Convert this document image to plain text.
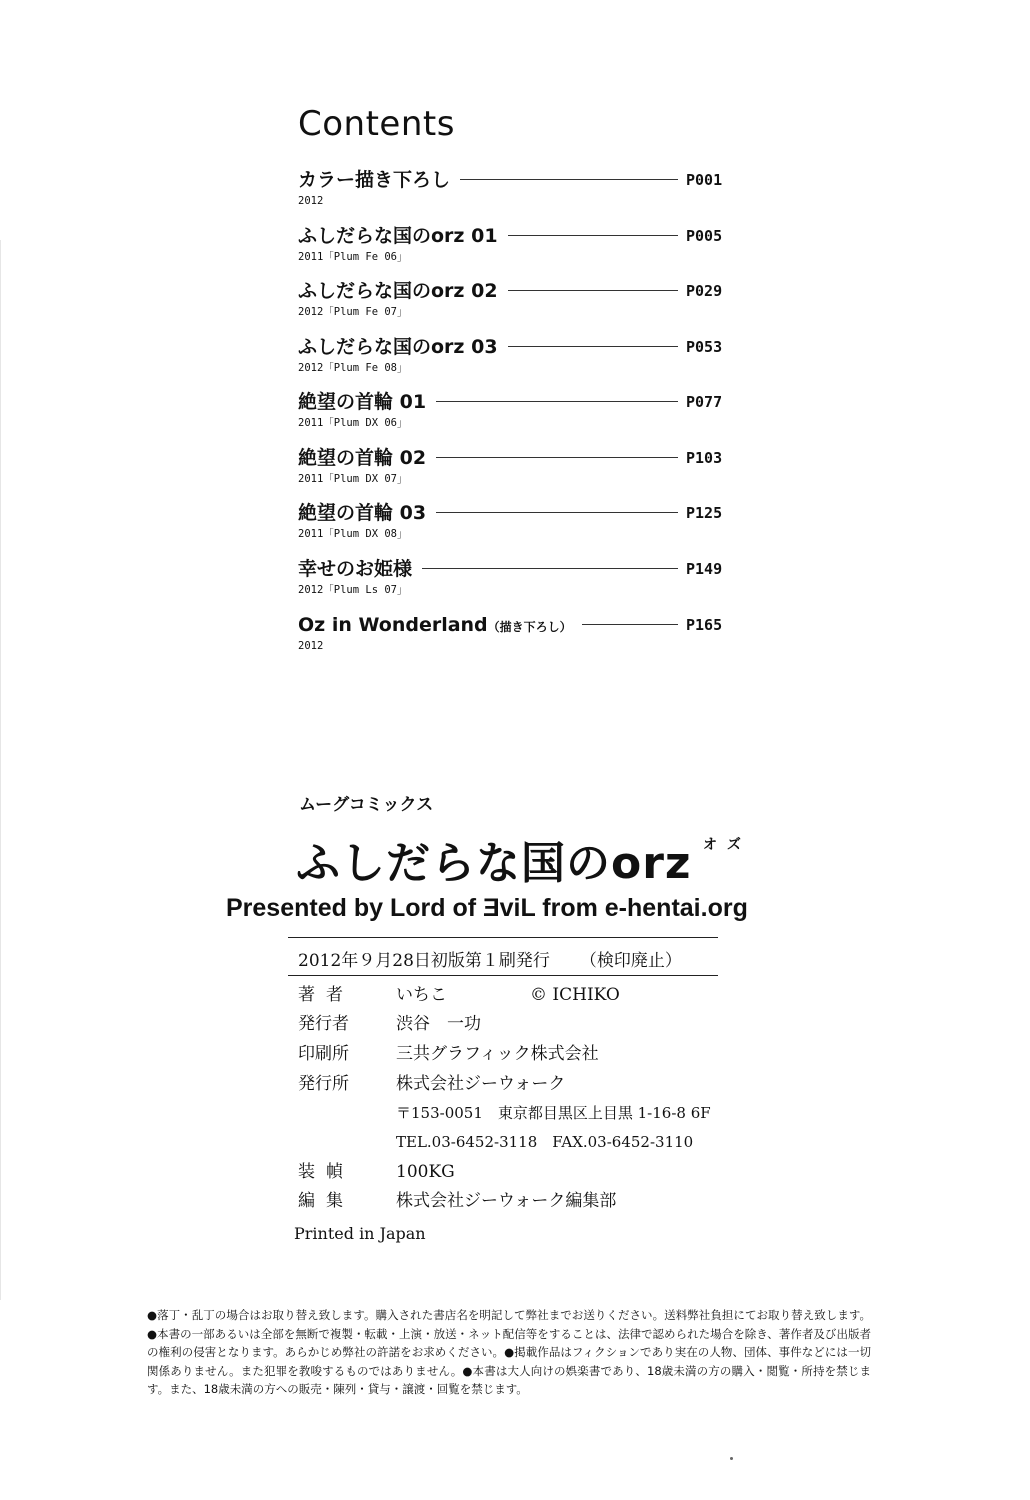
Contents
カラー描き下ろし	P001
2012
ふしだらな国のorz 01	P005
2011「Plum Fe 06」
ふしだらな国のorz 02	P029
2012「Plum Fe 07」
ふしだらな国のorz 03	P053
2012「Plum Fe 08」
絶望の首輪 01	P077
2011「Plum DX 06」
絶望の首輪 02	P103
2011「Plum DX 07」
絶望の首輪 03	P125
2011「Plum DX 08」
幸せのお姫様	P149
2012「Plum Ls 07」
Oz in Wonderland（描き下ろし）	P165
2012
ムーグコミックス
オズ
ふしだらな国のorz
Presented by Lord of ƎviL from e-hentai.org
2012年９月28日初版第１刷発行 （検印廃止）
著者	いちこ	© ICHIKO
発行者	渋谷　一功
印刷所	三共グラフィック株式会社
発行所	株式会社ジーウォーク
〒153-0051　東京都目黒区上目黒 1-16-8 6F
TEL.03-6452-3118　FAX.03-6452-3110
装幀	100KG
編集	株式会社ジーウォーク編集部
Printed in Japan
●落丁・乱丁の場合はお取り替え致します。購入された書店名を明記して弊社までお送りください。送料弊社負担にてお取り替え致します。●本書の一部あるいは全部を無断で複製・転載・上演・放送・ネット配信等をすることは、法律で認められた場合を除き、著作者及び出版者の権利の侵害となります。あらかじめ弊社の許諾をお求めください。●掲載作品はフィクションであり実在の人物、団体、事件などには一切関係ありません。また犯罪を教唆するものではありません。●本書は大人向けの娯楽書であり、18歳未満の方の購入・閲覧・所持を禁じます。また、18歳未満の方への販売・陳列・貸与・譲渡・回覧を禁じます。
